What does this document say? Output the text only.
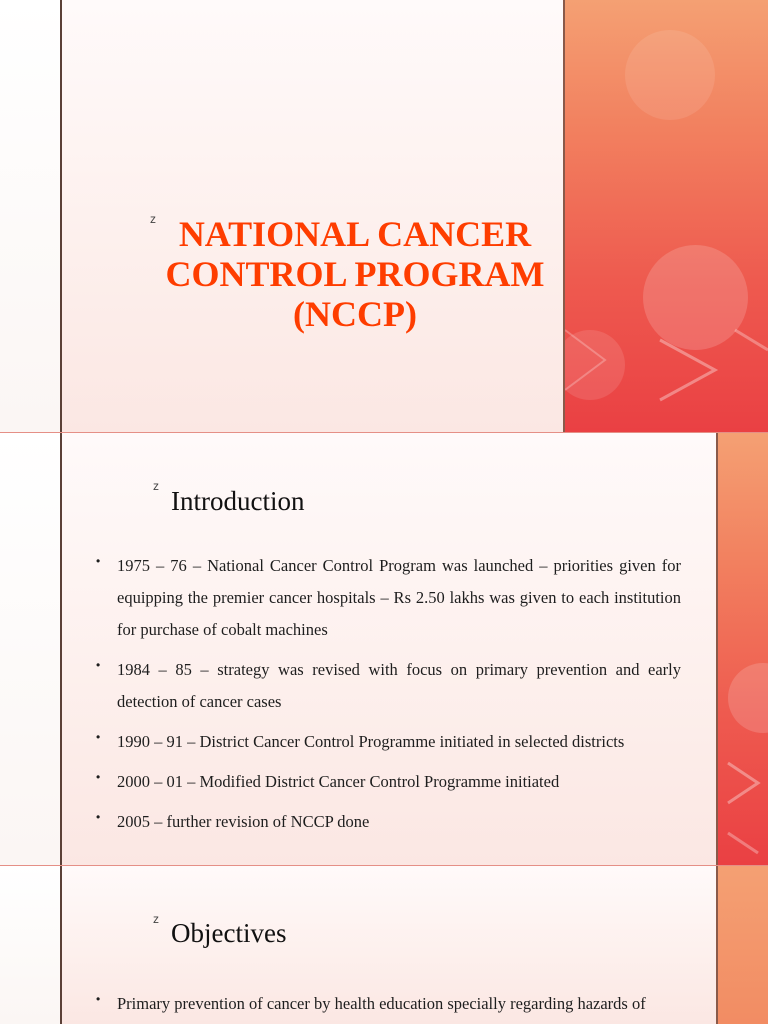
z NATIONAL CANCER CONTROL PROGRAM (NCCP)
z Introduction
•	1975 – 76 – National Cancer Control Program was launched – priorities given for equipping the premier cancer hospitals – Rs 2.50 lakhs was given to each institution for purchase of cobalt machines
•	1984 – 85 – strategy was revised with focus on primary prevention and early detection of cancer cases
•	1990 – 91 – District Cancer Control Programme initiated in selected districts
•	2000 – 01 – Modified District Cancer Control Programme initiated
•	2005 – further revision of NCCP done
z Objectives
•	Primary prevention of cancer by health education specially regarding hazards of
